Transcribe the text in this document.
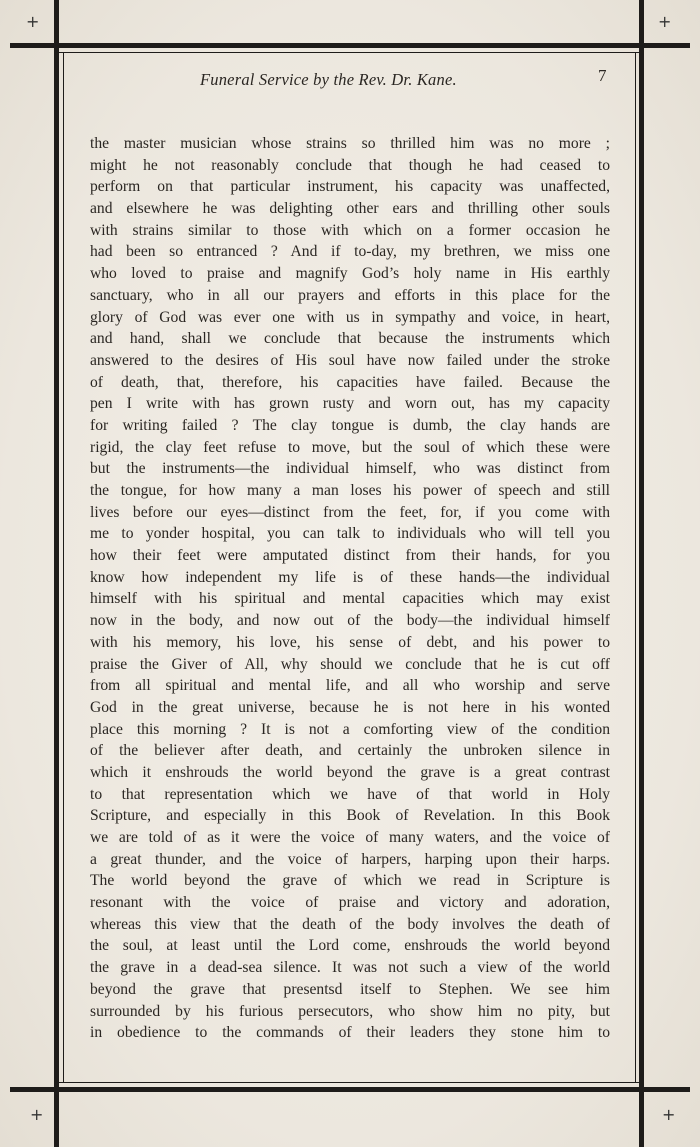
+	+
+	+
Funeral Service by the Rev. Dr. Kane.	7
the master musician whose strains so thrilled him was no more ;
might he not reasonably conclude that though he had ceased to
perform on that particular instrument, his capacity was unaffected,
and elsewhere he was delighting other ears and thrilling other souls
with strains similar to those with which on a former occasion he
had been so entranced ? And if to-day, my brethren, we miss one
who loved to praise and magnify God’s holy name in His earthly
sanctuary, who in all our prayers and efforts in this place for the
glory of God was ever one with us in sympathy and voice, in heart,
and hand, shall we conclude that because the instruments which
answered to the desires of His soul have now failed under the stroke
of death, that, therefore, his capacities have failed. Because the
pen I write with has grown rusty and worn out, has my capacity
for writing failed ? The clay tongue is dumb, the clay hands are
rigid, the clay feet refuse to move, but the soul of which these were
but the instruments—the individual himself, who was distinct from
the tongue, for how many a man loses his power of speech and still
lives before our eyes—distinct from the feet, for, if you come with
me to yonder hospital, you can talk to individuals who will tell you
how their feet were amputated distinct from their hands, for you
know how independent my life is of these hands—the individual
himself with his spiritual and mental capacities which may exist
now in the body, and now out of the body—the individual himself
with his memory, his love, his sense of debt, and his power to
praise the Giver of All, why should we conclude that he is cut off
from all spiritual and mental life, and all who worship and serve
God in the great universe, because he is not here in his wonted
place this morning ? It is not a comforting view of the condition
of the believer after death, and certainly the unbroken silence in
which it enshrouds the world beyond the grave is a great contrast
to that representation which we have of that world in Holy
Scripture, and especially in this Book of Revelation. In this Book
we are told of as it were the voice of many waters, and the voice of
a great thunder, and the voice of harpers, harping upon their harps.
The world beyond the grave of which we read in Scripture is
resonant with the voice of praise and victory and adoration,
whereas this view that the death of the body involves the death of
the soul, at least until the Lord come, enshrouds the world beyond
the grave in a dead-sea silence. It was not such a view of the world
beyond the grave that presentsd itself to Stephen. We see him
surrounded by his furious persecutors, who show him no pity, but
in obedience to the commands of their leaders they stone him to
